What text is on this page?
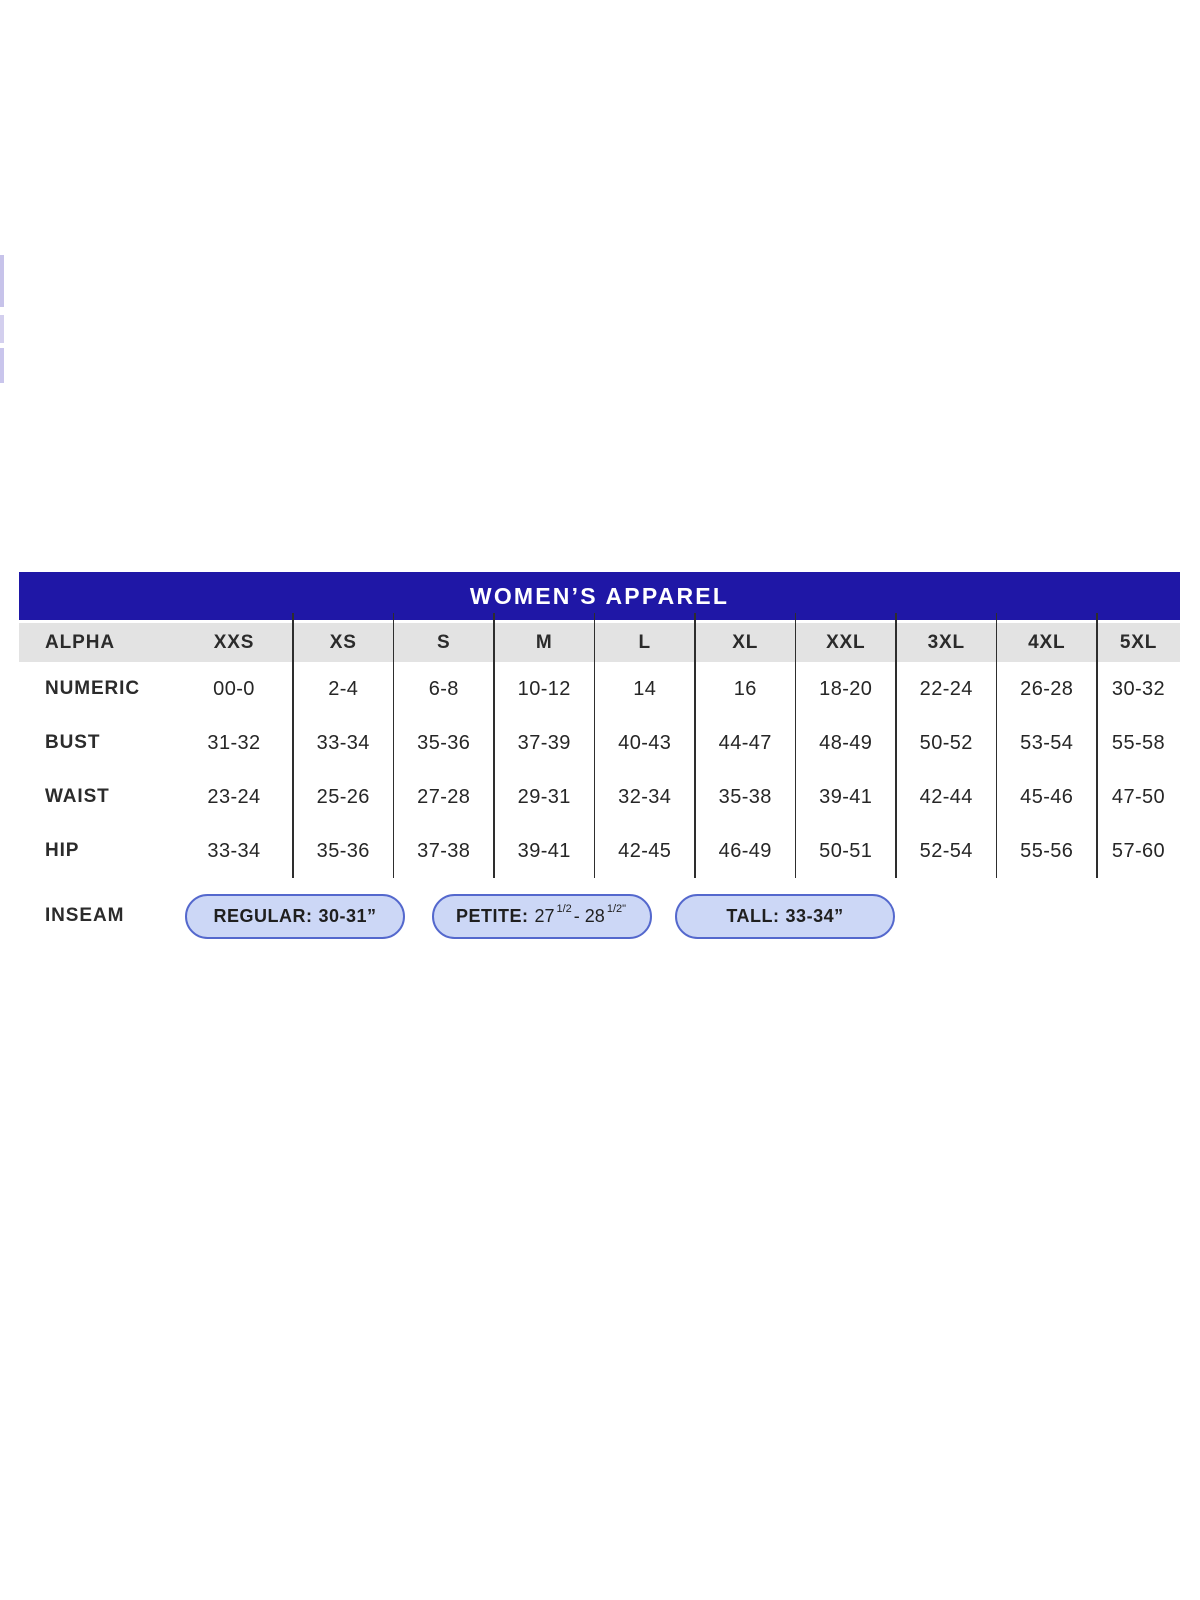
WOMEN’S APPAREL
ALPHA	XXS	XS	S	M	L	XL	XXL	3XL	4XL	5XL
NUMERIC	00-0	2-4	6-8	10-12	14	16	18-20	22-24	26-28	30-32
BUST	31-32	33-34	35-36	37-39	40-43	44-47	48-49	50-52	53-54	55-58
WAIST	23-24	25-26	27-28	29-31	32-34	35-38	39-41	42-44	45-46	47-50
HIP	33-34	35-36	37-38	39-41	42-45	46-49	50-51	52-54	55-56	57-60
INSEAM	REGULAR: 30-31”	PETITE: 27 1/2 - 28 1/2"	TALL: 33-34”
